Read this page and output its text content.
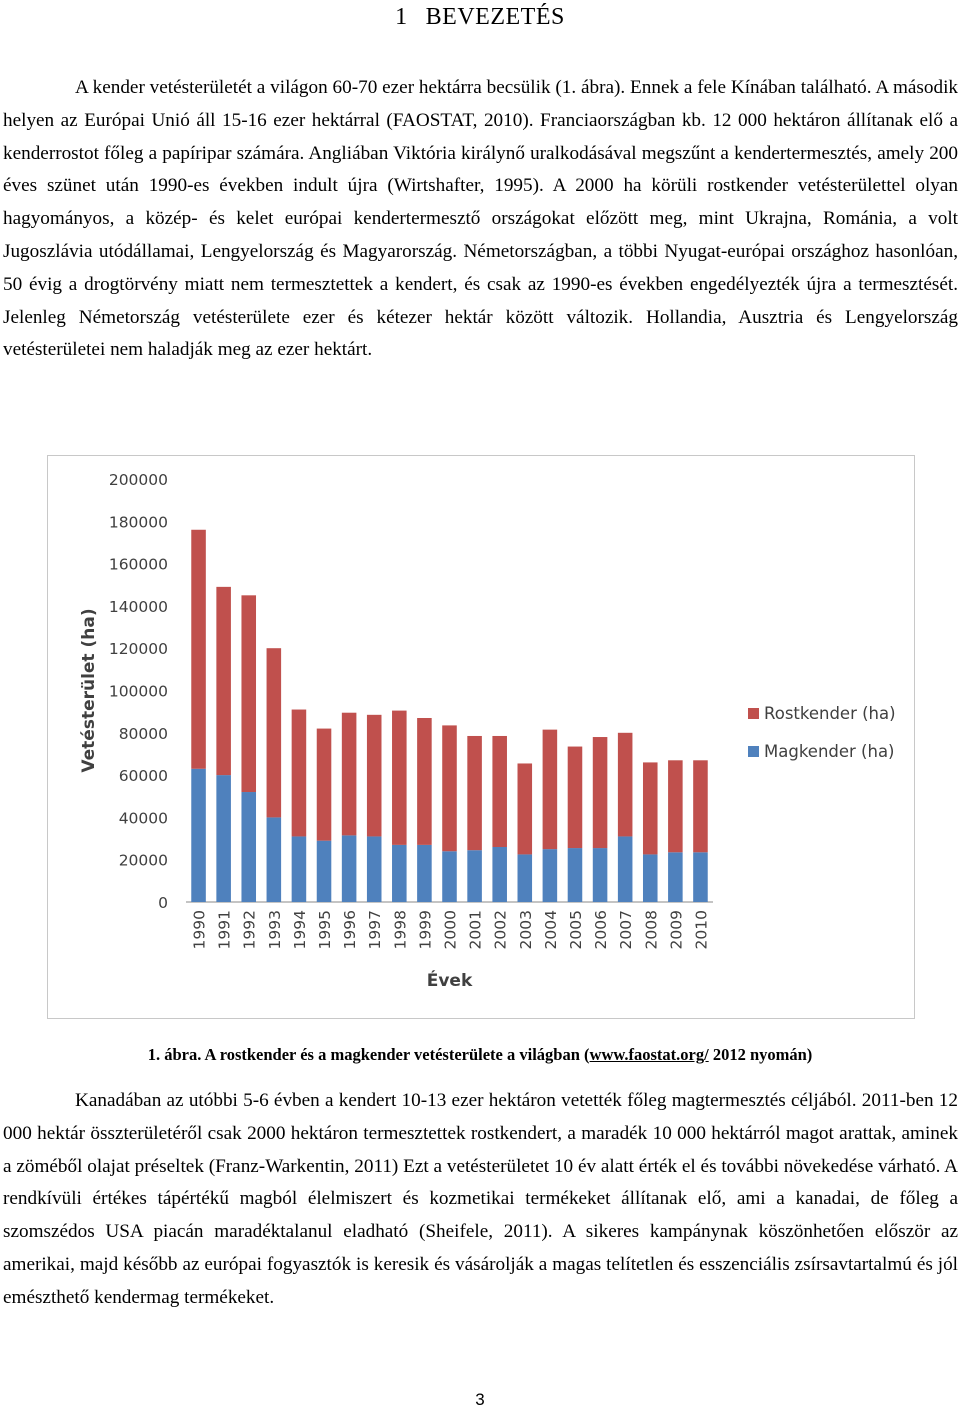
1 BEVEZETÉS

A kender vetésterületét a világon 60-70 ezer hektárra becsülik (1. ábra). Ennek a fele Kínában található. A második helyen az Európai Unió áll 15-16 ezer hektárral (FAOSTAT, 2010). Franciaországban kb. 12 000 hektáron állítanak elő a kenderrostot főleg a papíripar számára. Angliában Viktória királynő uralkodásával megszűnt a kendertermesztés, amely 200 éves szünet után 1990-es években indult újra (Wirtshafter, 1995). A 2000 ha körüli rostkender vetésterülettel olyan hagyományos, a közép- és kelet európai kendertermesztő országokat előzött meg, mint Ukrajna, Románia, a volt Jugoszlávia utódállamai, Lengyelország és Magyarország. Németországban, a többi Nyugat-európai országhoz hasonlóan, 50 évig a drogtörvény miatt nem termesztettek a kendert, és csak az 1990-es években engedélyezték újra a termesztését. Jelenleg Németország vetésterülete ezer és kétezer hektár között változik. Hollandia, Ausztria és Lengyelország vetésterületei nem haladják meg az ezer hektárt.

0
20000
40000
60000
80000
100000
120000
140000
160000
180000
200000
1990 1991 1992 1993 1994 1995 1996 1997 1998 1999 2000 2001 2002 2003 2004 2005 2006 2007 2008 2009 2010
Vetésterület (ha)
Évek
Rostkender (ha)
Magkender (ha)
1. ábra. A rostkender és a magkender vetésterülete a világban (www.faostat.org/ 2012 nyomán)

Kanadában az utóbbi 5-6 évben a kendert 10-13 ezer hektáron vetették főleg magtermesztés céljából. 2011-ben 12 000 hektár összterületéről csak 2000 hektáron termesztettek rostkendert, a maradék 10 000 hektárról magot arattak, aminek a zöméből olajat préseltek (Franz-Warkentin, 2011) Ezt a vetésterületet 10 év alatt érték el és további növekedése várható. A rendkívüli értékes tápértékű magból élelmiszert és kozmetikai termékeket állítanak elő, ami a kanadai, de főleg a szomszédos USA piacán maradéktalanul eladható (Sheifele, 2011). A sikeres kampánynak köszönhetően először az amerikai, majd később az európai fogyasztók is keresik és vásárolják a magas telítetlen és esszenciális zsírsavtartalmú és jól emészthető kendermag termékeket.

3
